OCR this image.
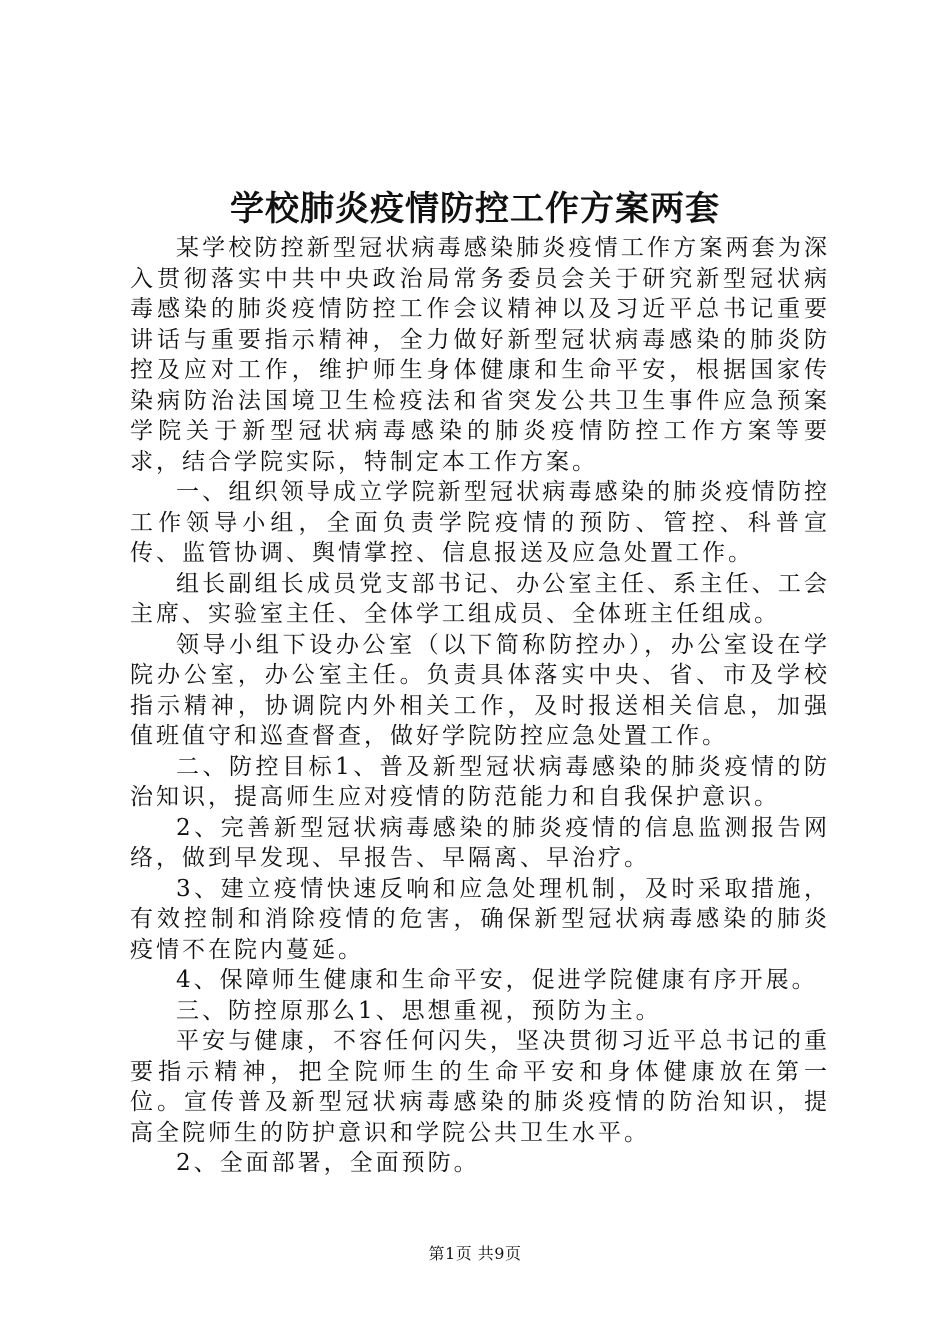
学校肺炎疫情防控工作方案两套

某学校防控新型冠状病毒感染肺炎疫情工作方案两套为深入贯彻落实中共中央政治局常务委员会关于研究新型冠状病毒感染的肺炎疫情防控工作会议精神以及习近平总书记重要讲话与重要指示精神，全力做好新型冠状病毒感染的肺炎防控及应对工作，维护师生身体健康和生命平安，根据国家传染病防治法国境卫生检疫法和省突发公共卫生事件应急预案学院关于新型冠状病毒感染的肺炎疫情防控工作方案等要求，结合学院实际，特制定本工作方案。

一、组织领导成立学院新型冠状病毒感染的肺炎疫情防控工作领导小组，全面负责学院疫情的预防、管控、科普宣传、监管协调、舆情掌控、信息报送及应急处置工作。

组长副组长成员党支部书记、办公室主任、系主任、工会主席、实验室主任、全体学工组成员、全体班主任组成。

领导小组下设办公室（以下简称防控办），办公室设在学院办公室，办公室主任。负责具体落实中央、省、市及学校指示精神，协调院内外相关工作，及时报送相关信息，加强值班值守和巡查督查，做好学院防控应急处置工作。

二、防控目标1、普及新型冠状病毒感染的肺炎疫情的防治知识，提高师生应对疫情的防范能力和自我保护意识。

2、完善新型冠状病毒感染的肺炎疫情的信息监测报告网络，做到早发现、早报告、早隔离、早治疗。

3、建立疫情快速反响和应急处理机制，及时采取措施，有效控制和消除疫情的危害，确保新型冠状病毒感染的肺炎疫情不在院内蔓延。

4、保障师生健康和生命平安，促进学院健康有序开展。

三、防控原那么1、思想重视，预防为主。

平安与健康，不容任何闪失，坚决贯彻习近平总书记的重要指示精神，把全院师生的生命平安和身体健康放在第一位。宣传普及新型冠状病毒感染的肺炎疫情的防治知识，提高全院师生的防护意识和学院公共卫生水平。

2、全面部署，全面预防。

第1页 共9页
